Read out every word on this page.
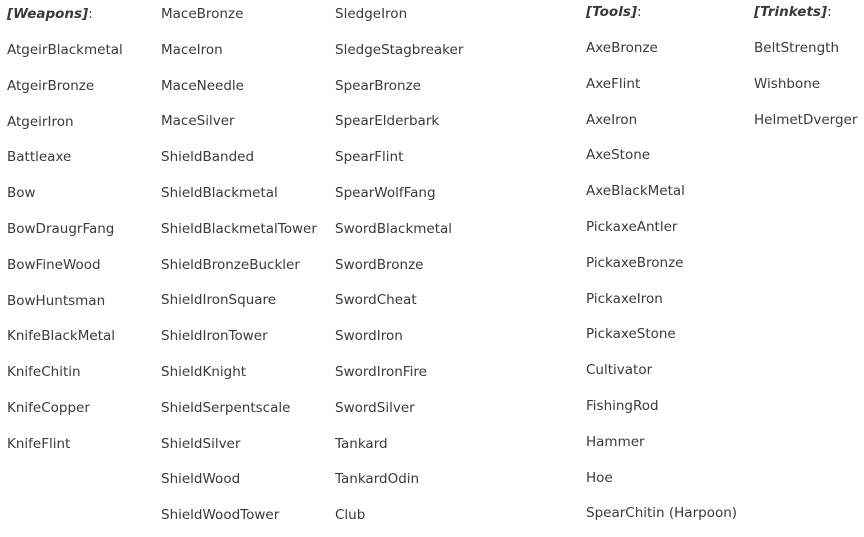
[Weapons]:
AtgeirBlackmetal
AtgeirBronze
AtgeirIron
Battleaxe
Bow
BowDraugrFang
BowFineWood
BowHuntsman
KnifeBlackMetal
KnifeChitin
KnifeCopper
KnifeFlint
MaceBronze
MaceIron
MaceNeedle
MaceSilver
ShieldBanded
ShieldBlackmetal
ShieldBlackmetalTower
ShieldBronzeBuckler
ShieldIronSquare
ShieldIronTower
ShieldKnight
ShieldSerpentscale
ShieldSilver
ShieldWood
ShieldWoodTower
SledgeIron
SledgeStagbreaker
SpearBronze
SpearElderbark
SpearFlint
SpearWolfFang
SwordBlackmetal
SwordBronze
SwordCheat
SwordIron
SwordIronFire
SwordSilver
Tankard
TankardOdin
Club
[Tools]:
AxeBronze
AxeFlint
AxeIron
AxeStone
AxeBlackMetal
PickaxeAntler
PickaxeBronze
PickaxeIron
PickaxeStone
Cultivator
FishingRod
Hammer
Hoe
SpearChitin (Harpoon)
[Trinkets]:
BeltStrength
Wishbone
HelmetDverger
